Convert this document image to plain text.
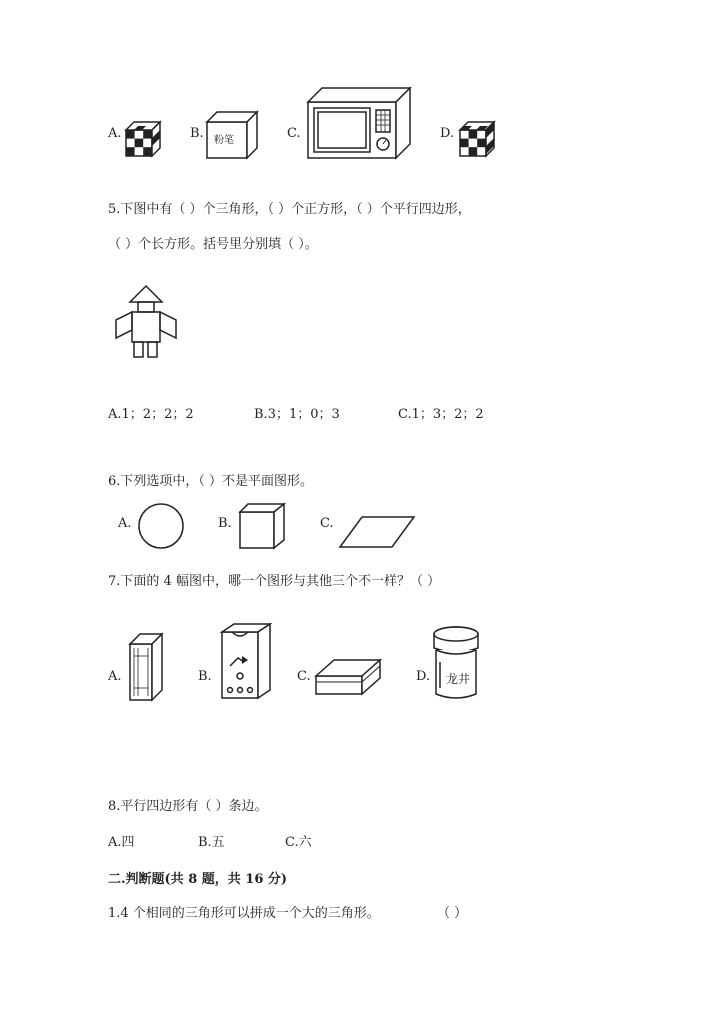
A.	B. 粉笔	C.	D.
5.下图中有（ ）个三角形，（ ）个正方形，（ ）个平行四边形，
（ ）个长方形。括号里分别填（ ）。
A.1；2；2；2	B.3；1；0；3	C.1；3；2；2
6.下列选项中，（ ）不是平面图形。
A.	B.	C.
7.下面的 4 幅图中，哪一个图形与其他三个不一样？（ ）
A.	B.	C.	D. 龙井
8.平行四边形有（ ）条边。
A.四	B.五	C.六
二.判断题(共 8 题，共 16 分)
1.4 个相同的三角形可以拼成一个大的三角形。	（ ）
